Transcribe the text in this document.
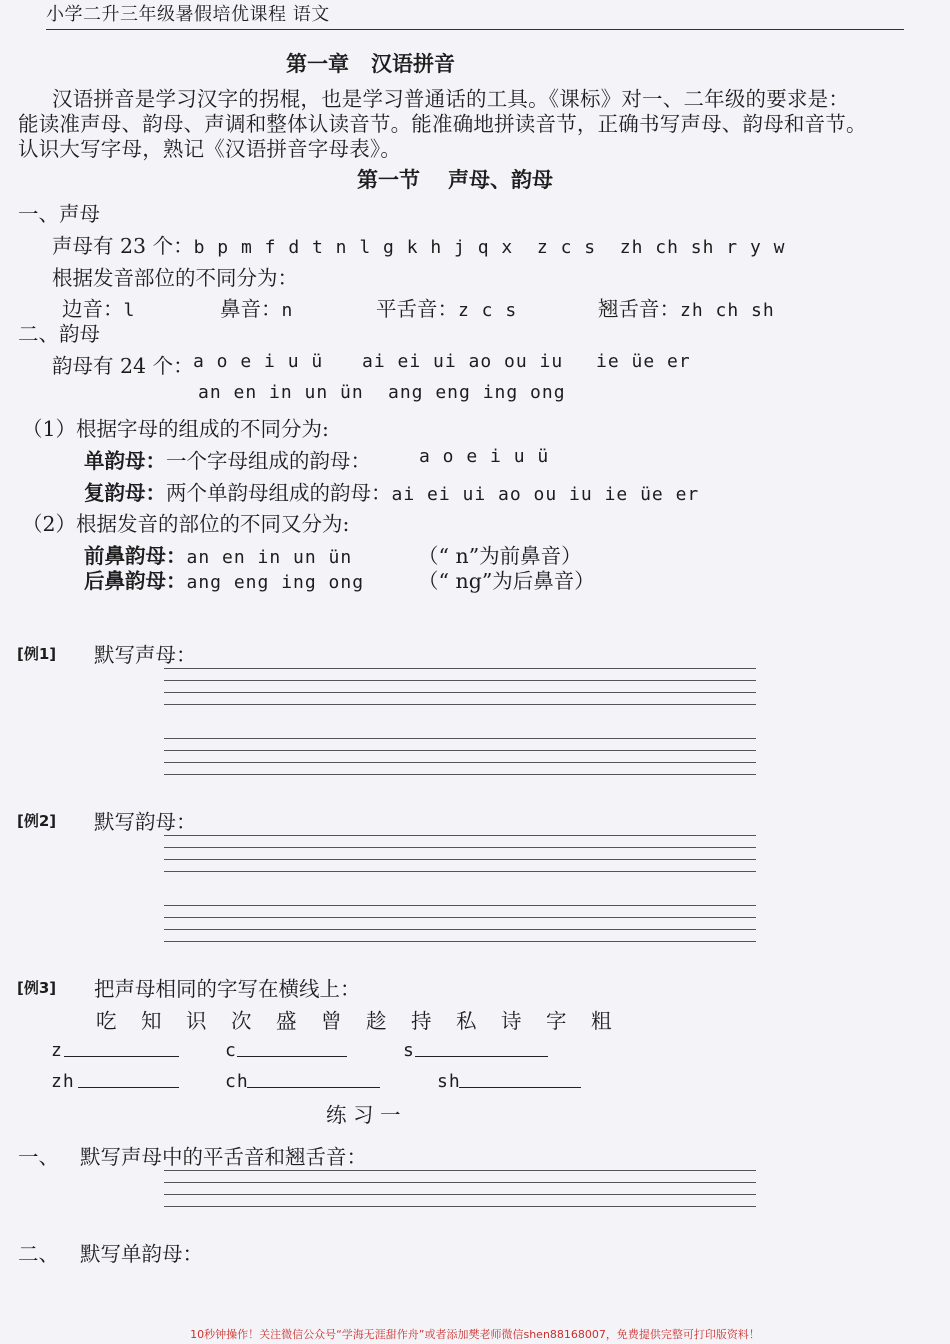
小学二升三年级暑假培优课程 语文
第一章 汉语拼音
汉语拼音是学习汉字的拐棍，也是学习普通话的工具。《课标》对一、二年级的要求是：
能读准声母、韵母、声调和整体认读音节。能准确地拼读音节，正确书写声母、韵母和音节。
认识大写字母，熟记《汉语拼音字母表》。
第一节 声母、韵母
一、声母
声母有 23 个：b p m f d t n l g k h j q x  z c s  zh ch sh r y w
根据发音部位的不同分为：
边音：l	鼻音：n	平舌音：z c s	翘舌音：zh ch sh
二、韵母
韵母有 24 个： a o e i u ü ai ei ui ao ou iu ie üe er
an en in un ün ang eng ing ong
（1）根据字母的组成的不同分为:
单韵母：一个字母组成的韵母：	a o e i u ü
复韵母：两个单韵母组成的韵母：ai ei ui ao ou iu ie üe er
（2）根据发音的部位的不同又分为:
前鼻韵母：an en in un ün	（“ n”为前鼻音）
后鼻韵母：ang eng ing ong	（“ ng”为后鼻音）
[例1] 默写声母：
[例2] 默写韵母：
[例3] 把声母相同的字写在横线上：
吃 知 识 次 盛 曾 趁 持 私 诗 字 粗
z	c	s
zh	ch	sh
练 习 一
一、 默写声母中的平舌音和翘舌音：
二、 默写单韵母：
10秒钟操作！关注微信公众号“学海无涯甜作舟”或者添加樊老师微信shen88168007，免费提供完整可打印版资料！
